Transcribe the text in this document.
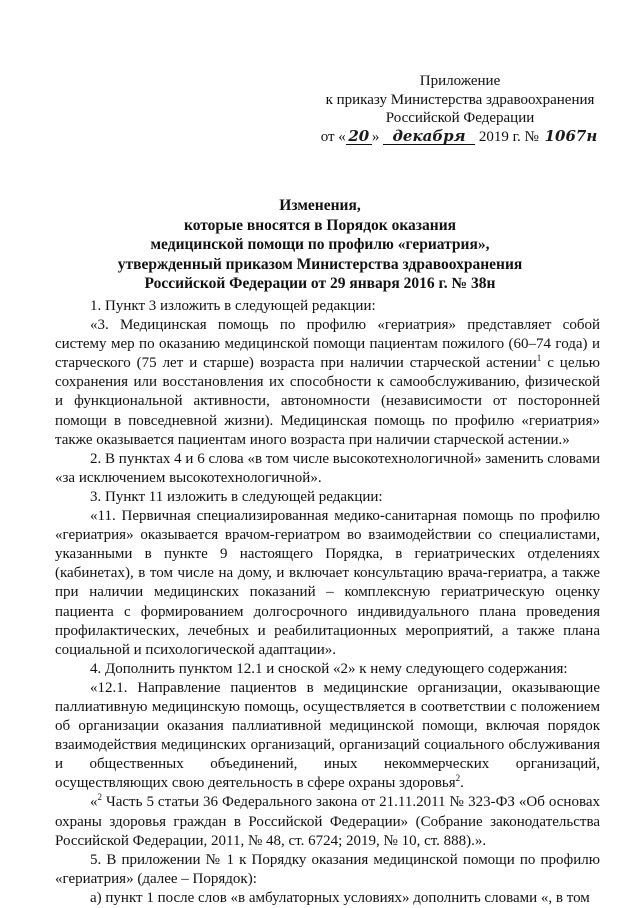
Приложение
к приказу Министерства здравоохранения
Российской Федерации
от « 20 » декабря 2019 г. № 1067н
Изменения,
которые вносятся в Порядок оказания
медицинской помощи по профилю «гериатрия»,
утвержденный приказом Министерства здравоохранения
Российской Федерации от 29 января 2016 г. № 38н

1. Пункт 3 изложить в следующей редакции:

«3. Медицинская помощь по профилю «гериатрия» представляет собой систему мер по оказанию медицинской помощи пациентам пожилого (60–74 года) и старческого (75 лет и старше) возраста при наличии старческой астении$^1$ с целью сохранения или восстановления их способности к самообслуживанию, физической и функциональной активности, автономности (независимости от посторонней помощи в повседневной жизни). Медицинская помощь по профилю «гериатрия» также оказывается пациентам иного возраста при наличии старческой астении.»

2. В пунктах 4 и 6 слова «в том числе высокотехнологичной» заменить словами «за исключением высокотехнологичной».

3. Пункт 11 изложить в следующей редакции:

«11. Первичная специализированная медико-санитарная помощь по профилю «гериатрия» оказывается врачом-гериатром во взаимодействии со специалистами, указанными в пункте 9 настоящего Порядка, в гериатрических отделениях (кабинетах), в том числе на дому, и включает консультацию врача-гериатра, а также при наличии медицинских показаний – комплексную гериатрическую оценку пациента с формированием долгосрочного индивидуального плана проведения профилактических, лечебных и реабилитационных мероприятий, а также плана социальной и психологической адаптации».

4. Дополнить пунктом 12.1 и сноской «2» к нему следующего содержания:

«12.1. Направление пациентов в медицинские организации, оказывающие паллиативную медицинскую помощь, осуществляется в соответствии с положением об организации оказания паллиативной медицинской помощи, включая порядок взаимодействия медицинских организаций, организаций социального обслуживания и общественных объединений, иных некоммерческих организаций, осуществляющих свою деятельность в сфере охраны здоровья$^2$.

«$^2$ Часть 5 статьи 36 Федерального закона от 21.11.2011 № 323-ФЗ «Об основах охраны здоровья граждан в Российской Федерации» (Собрание законодательства Российской Федерации, 2011, № 48, ст. 6724; 2019, № 10, ст. 888).».

5. В приложении № 1 к Порядку оказания медицинской помощи по профилю «гериатрия» (далее – Порядок):

а) пункт 1 после слов «в амбулаторных условиях» дополнить словами «, в том
